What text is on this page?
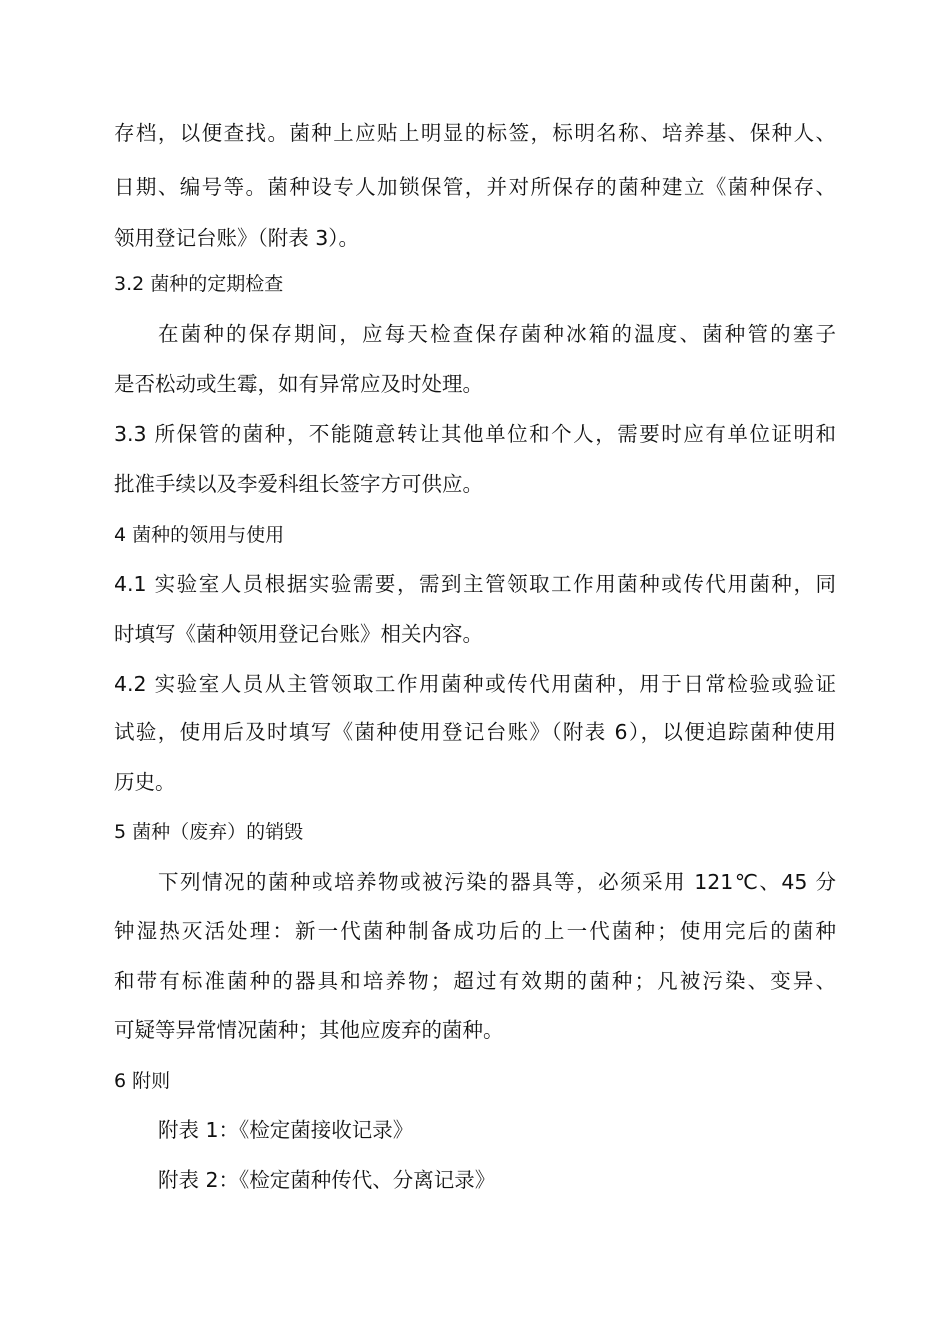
存档，以便查找。菌种上应贴上明显的标签，标明名称、培养基、保种人、

日期、编号等。菌种设专人加锁保管，并对所保存的菌种建立《菌种保存、

领用登记台账》（附表 3）。

3.2 菌种的定期检查

在菌种的保存期间，应每天检查保存菌种冰箱的温度、菌种管的塞子

是否松动或生霉，如有异常应及时处理。

3.3 所保管的菌种，不能随意转让其他单位和个人，需要时应有单位证明和

批准手续以及李爱科组长签字方可供应。

4 菌种的领用与使用

4.1 实验室人员根据实验需要，需到主管领取工作用菌种或传代用菌种，同

时填写《菌种领用登记台账》相关内容。

4.2 实验室人员从主管领取工作用菌种或传代用菌种，用于日常检验或验证

试验，使用后及时填写《菌种使用登记台账》（附表 6），以便追踪菌种使用

历史。

5 菌种（废弃）的销毁

下列情况的菌种或培养物或被污染的器具等，必须采用 121℃、45 分

钟湿热灭活处理：新一代菌种制备成功后的上一代菌种；使用完后的菌种

和带有标准菌种的器具和培养物；超过有效期的菌种；凡被污染、变异、

可疑等异常情况菌种；其他应废弃的菌种。

6 附则

附表 1：《检定菌接收记录》

附表 2：《检定菌种传代、分离记录》
